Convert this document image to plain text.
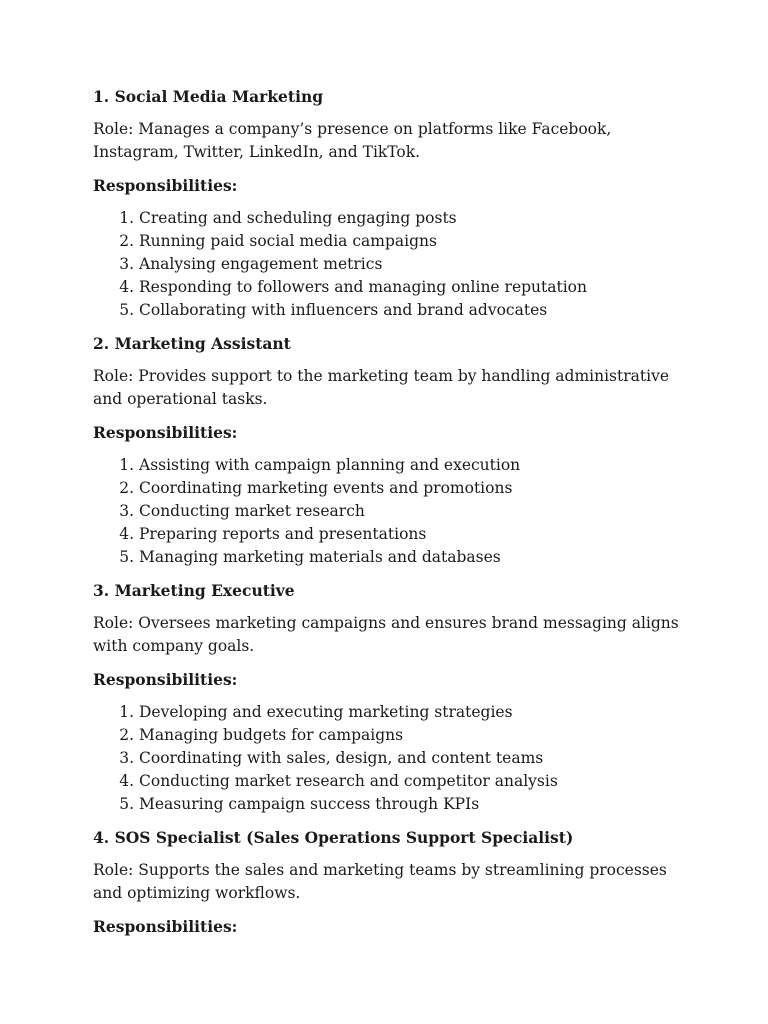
1. Social Media Marketing
Role: Manages a company’s presence on platforms like Facebook, Instagram, Twitter, LinkedIn, and TikTok.
Responsibilities:
1. Creating and scheduling engaging posts
2. Running paid social media campaigns
3. Analysing engagement metrics
4. Responding to followers and managing online reputation
5. Collaborating with influencers and brand advocates
2. Marketing Assistant
Role: Provides support to the marketing team by handling administrative and operational tasks.
Responsibilities:
1. Assisting with campaign planning and execution
2. Coordinating marketing events and promotions
3. Conducting market research
4. Preparing reports and presentations
5. Managing marketing materials and databases
3. Marketing Executive
Role: Oversees marketing campaigns and ensures brand messaging aligns with company goals.
Responsibilities:
1. Developing and executing marketing strategies
2. Managing budgets for campaigns
3. Coordinating with sales, design, and content teams
4. Conducting market research and competitor analysis
5. Measuring campaign success through KPIs
4. SOS Specialist (Sales Operations Support Specialist)
Role: Supports the sales and marketing teams by streamlining processes and optimizing workflows.
Responsibilities:
